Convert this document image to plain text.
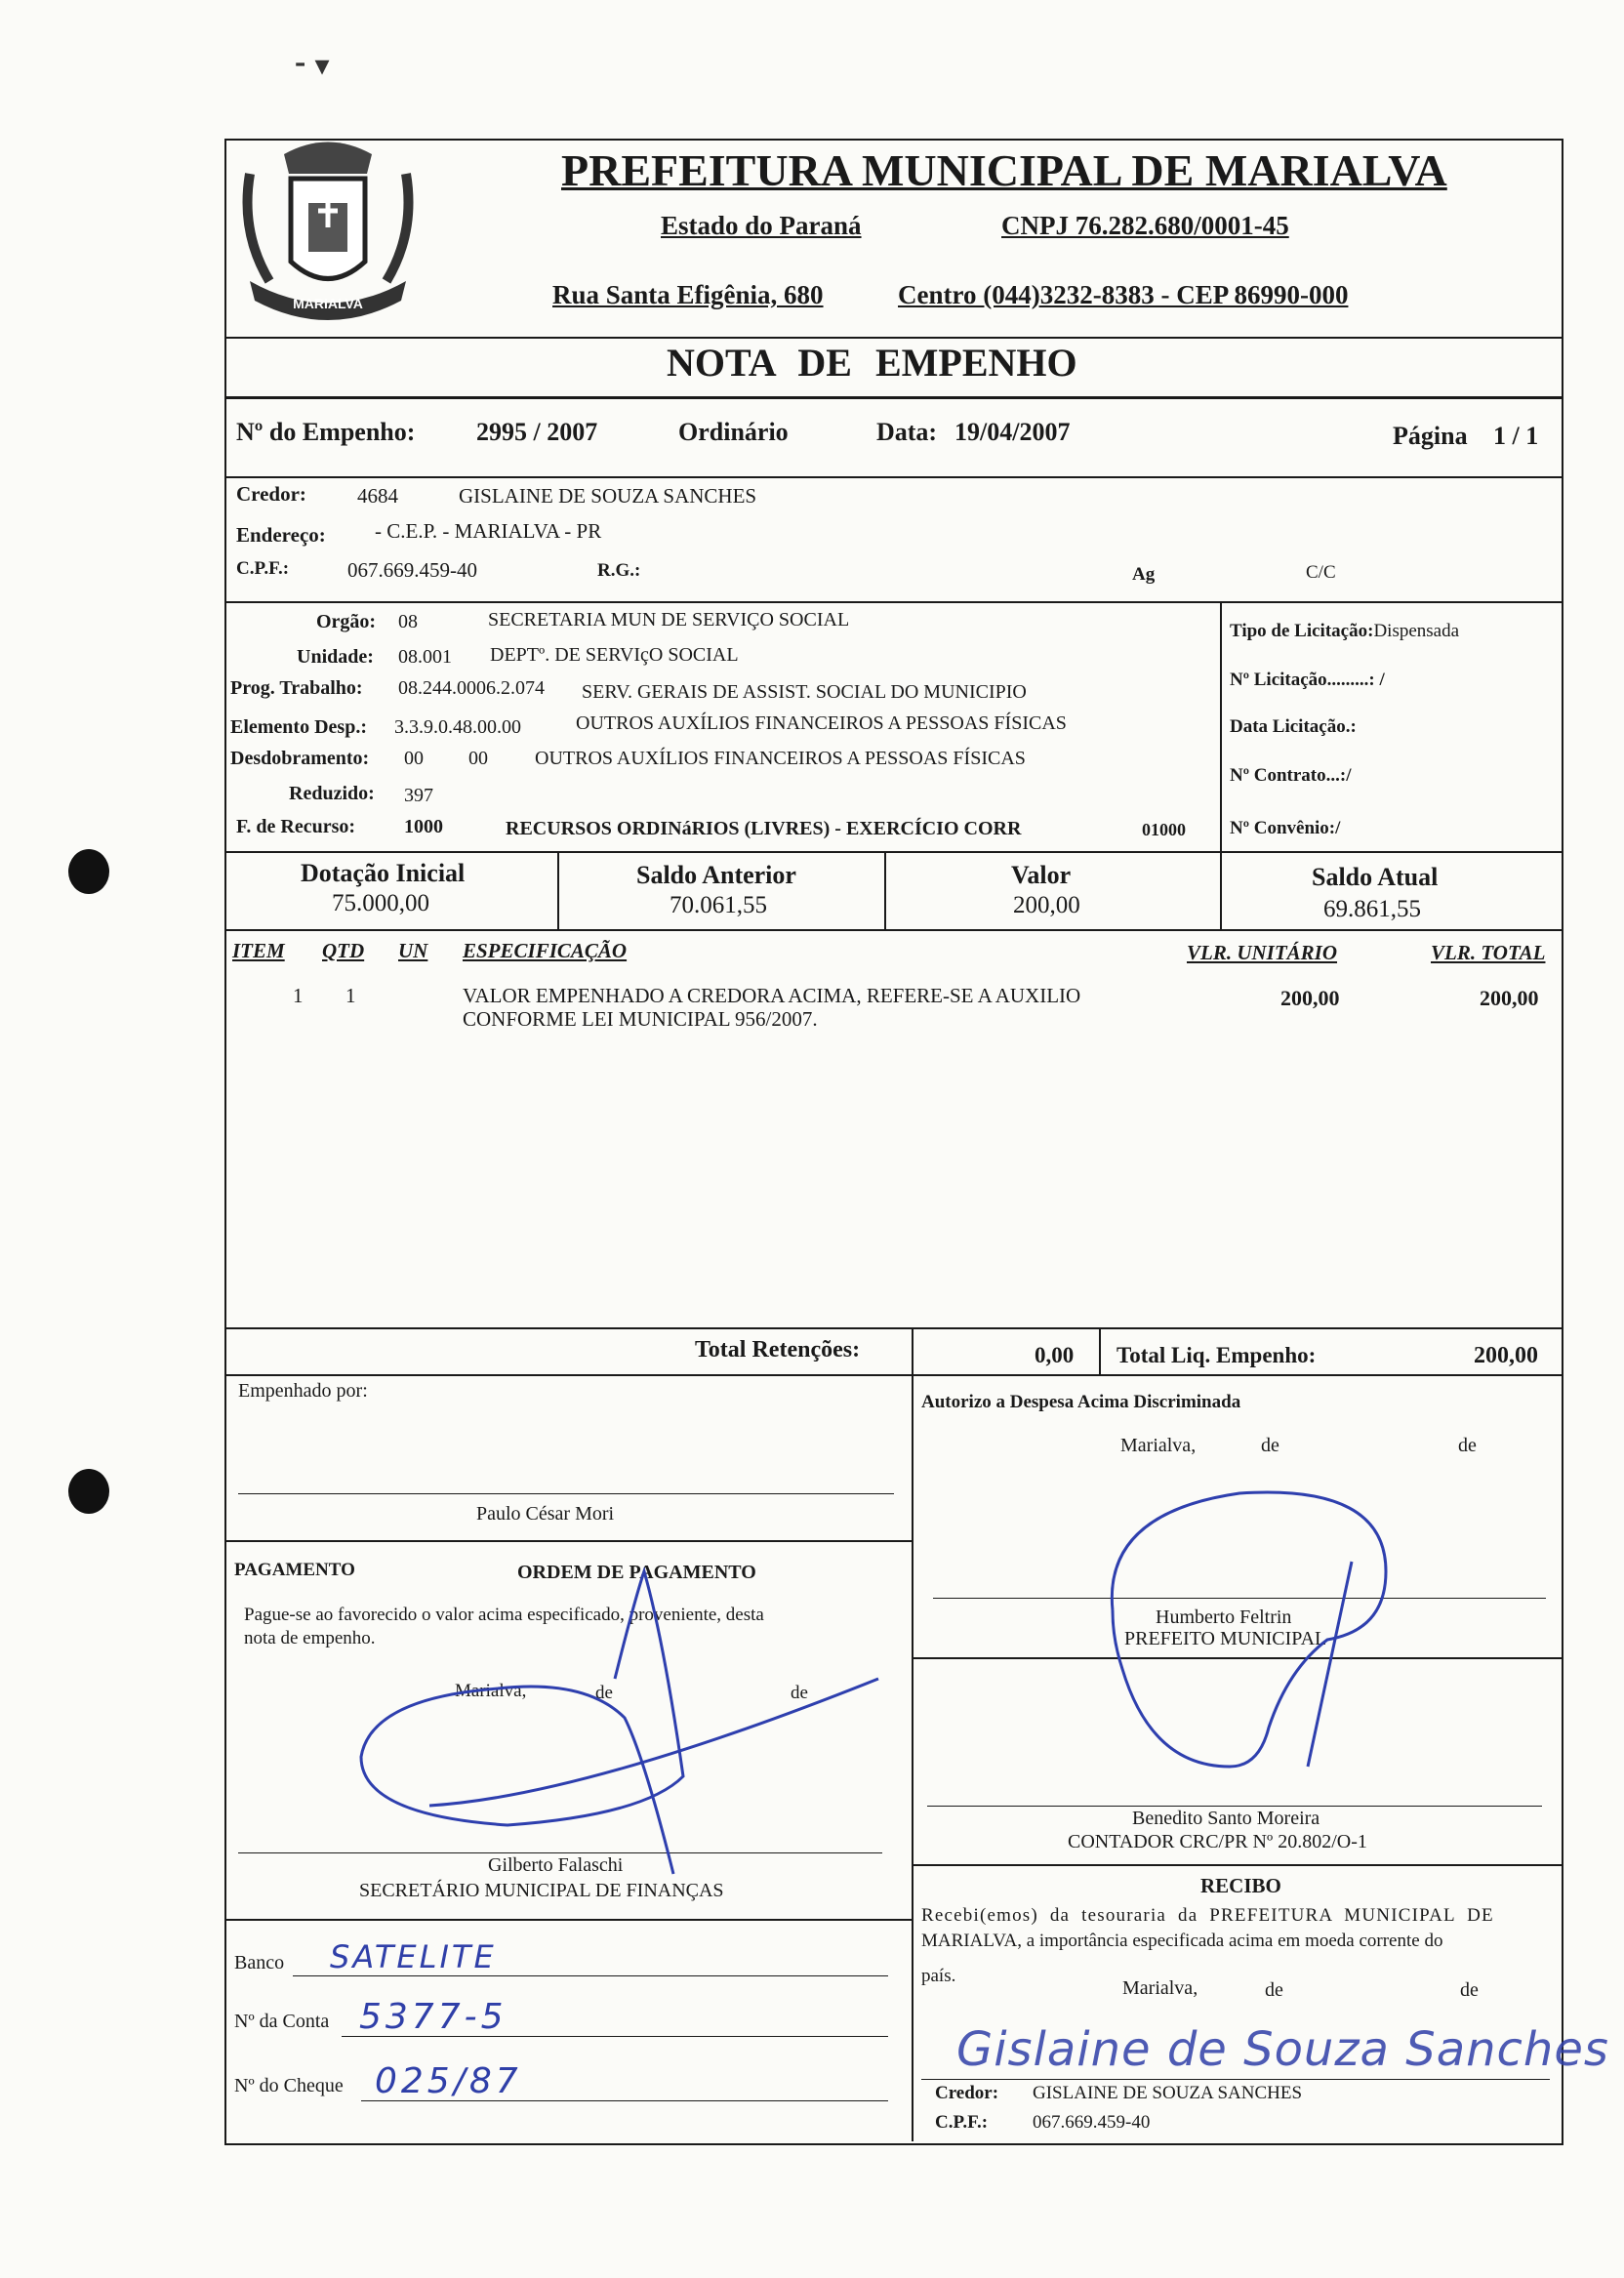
⁃ ▾
MARIALVA
PREFEITURA MUNICIPAL DE MARIALVA
Estado do Paraná	CNPJ 76.282.680/0001-45
Rua Santa Efigênia, 680	Centro (044)3232-8383 - CEP 86990-000
NOTA DE EMPENHO
Nº do Empenho: 2995 / 2007	Ordinário	Data: 19/04/2007	Página 1 / 1
Credor: 4684	GISLAINE DE SOUZA SANCHES
Endereço: - C.E.P. - MARIALVA - PR
C.P.F.:	067.669.459-40	R.G.:	Ag	C/C
Orgão: 08	SECRETARIA MUN DE SERVIÇO SOCIAL
Unidade: 08.001 DEPTº. DE SERVIçO SOCIAL
Prog. Trabalho: 08.244.0006.2.074 SERV. GERAIS DE ASSIST. SOCIAL DO MUNICIPIO
Elemento Desp.: 3.3.9.0.48.00.00	OUTROS AUXÍLIOS FINANCEIROS A PESSOAS FÍSICAS
Desdobramento: 00 00 OUTROS AUXÍLIOS FINANCEIROS A PESSOAS FÍSICAS
Reduzido: 397
F. de Recurso: 1000	RECURSOS ORDINáRIOS (LIVRES) - EXERCÍCIO CORR	01000
Tipo de Licitação:Dispensada
Nº Licitação.........: /
Data Licitação.:
Nº Contrato...:/
Nº Convênio:/
Dotação Inicial
75.000,00
Saldo Anterior
70.061,55
Valor
200,00
Saldo Atual
69.861,55
ITEM QTD UN ESPECIFICAÇÃO	VLR. UNITÁRIO	VLR. TOTAL
1 1	VALOR EMPENHADO A CREDORA ACIMA, REFERE-SE A AUXILIO
CONFORME LEI MUNICIPAL 956/2007.
200,00	200,00
Total Retenções:	0,00 Total Liq. Empenho:	200,00
Empenhado por:
Paulo César Mori
PAGAMENTO	ORDEM DE PAGAMENTO
Pague-se ao favorecido o valor acima especificado, proveniente, desta
nota de empenho.
Marialva,	de	de
Gilberto Falaschi
SECRETÁRIO MUNICIPAL DE FINANÇAS
Banco SATELITE
Nº da Conta 5377-5
Nº do Cheque 025/87
Autorizo a Despesa Acima Discriminada
Marialva,	de	de
Humberto Feltrin
PREFEITO MUNICIPAL
Benedito Santo Moreira
CONTADOR CRC/PR Nº 20.802/O-1
RECIBO
Recebi(emos) da tesouraria da PREFEITURA MUNICIPAL DE
MARIALVA, a importância especificada acima em moeda corrente do
país.
Marialva,	de	de
Credor: GISLAINE DE SOUZA SANCHES
C.P.F.: 067.669.459-40
Gislaine de Souza Sanches
